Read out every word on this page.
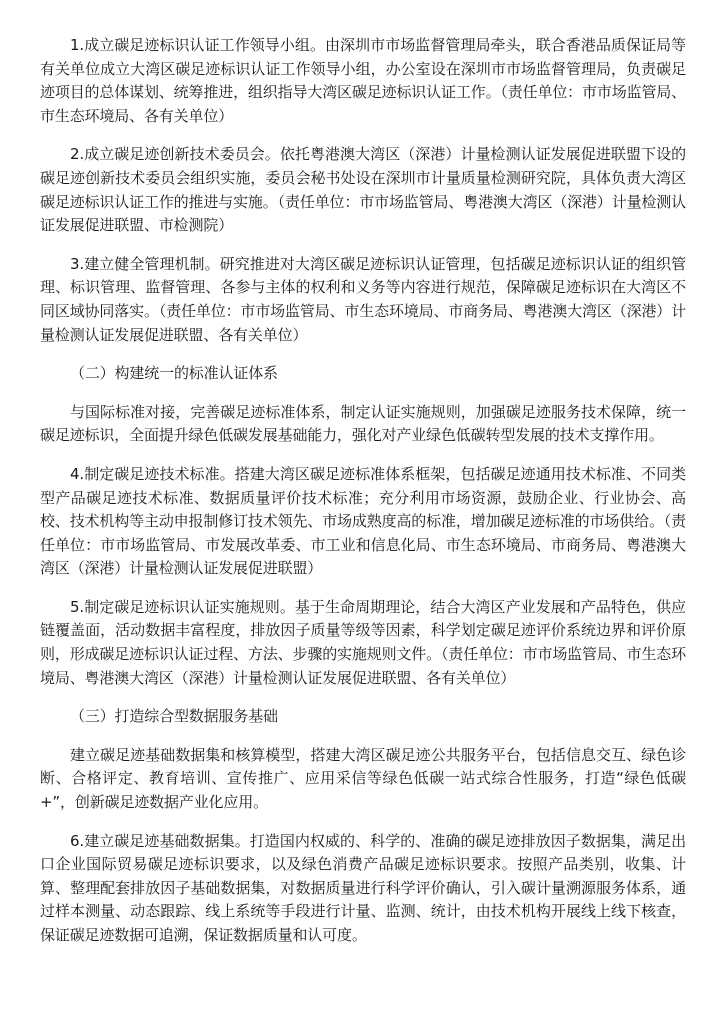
1.成立碳足迹标识认证工作领导小组。由深圳市市场监督管理局牵头，联合香港品质保证局等有关单位成立大湾区碳足迹标识认证工作领导小组，办公室设在深圳市市场监督管理局，负责碳足迹项目的总体谋划、统筹推进，组织指导大湾区碳足迹标识认证工作。（责任单位：市市场监管局、市生态环境局、各有关单位）

2.成立碳足迹创新技术委员会。依托粤港澳大湾区（深港）计量检测认证发展促进联盟下设的碳足迹创新技术委员会组织实施，委员会秘书处设在深圳市计量质量检测研究院，具体负责大湾区碳足迹标识认证工作的推进与实施。（责任单位：市市场监管局、粤港澳大湾区（深港）计量检测认证发展促进联盟、市检测院）

3.建立健全管理机制。研究推进对大湾区碳足迹标识认证管理，包括碳足迹标识认证的组织管理、标识管理、监督管理、各参与主体的权利和义务等内容进行规范，保障碳足迹标识在大湾区不同区域协同落实。（责任单位：市市场监管局、市生态环境局、市商务局、粤港澳大湾区（深港）计量检测认证发展促进联盟、各有关单位）

（二）构建统一的标准认证体系

与国际标准对接，完善碳足迹标准体系，制定认证实施规则，加强碳足迹服务技术保障，统一碳足迹标识，全面提升绿色低碳发展基础能力，强化对产业绿色低碳转型发展的技术支撑作用。

4.制定碳足迹技术标准。搭建大湾区碳足迹标准体系框架，包括碳足迹通用技术标准、不同类型产品碳足迹技术标准、数据质量评价技术标准；充分利用市场资源，鼓励企业、行业协会、高校、技术机构等主动申报制修订技术领先、市场成熟度高的标准，增加碳足迹标准的市场供给。（责任单位：市市场监管局、市发展改革委、市工业和信息化局、市生态环境局、市商务局、粤港澳大湾区（深港）计量检测认证发展促进联盟）

5.制定碳足迹标识认证实施规则。基于生命周期理论，结合大湾区产业发展和产品特色，供应链覆盖面，活动数据丰富程度，排放因子质量等级等因素，科学划定碳足迹评价系统边界和评价原则，形成碳足迹标识认证过程、方法、步骤的实施规则文件。（责任单位：市市场监管局、市生态环境局、粤港澳大湾区（深港）计量检测认证发展促进联盟、各有关单位）

（三）打造综合型数据服务基础

建立碳足迹基础数据集和核算模型，搭建大湾区碳足迹公共服务平台，包括信息交互、绿色诊断、合格评定、教育培训、宣传推广、应用采信等绿色低碳一站式综合性服务，打造“绿色低碳+”，创新碳足迹数据产业化应用。

6.建立碳足迹基础数据集。打造国内权威的、科学的、准确的碳足迹排放因子数据集，满足出口企业国际贸易碳足迹标识要求，以及绿色消费产品碳足迹标识要求。按照产品类别，收集、计算、整理配套排放因子基础数据集，对数据质量进行科学评价确认，引入碳计量溯源服务体系，通过样本测量、动态跟踪、线上系统等手段进行计量、监测、统计，由技术机构开展线上线下核查，保证碳足迹数据可追溯，保证数据质量和认可度。
